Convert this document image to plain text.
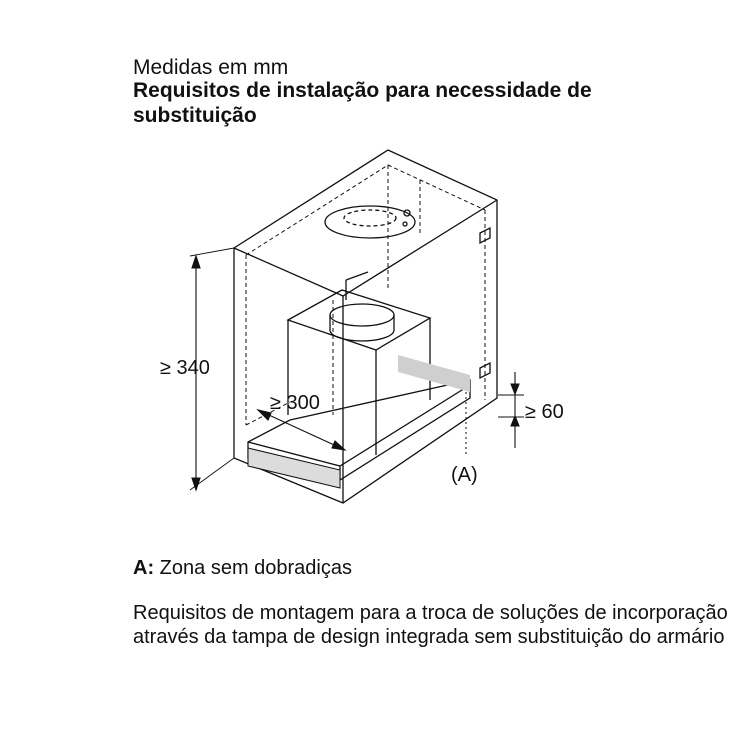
Medidas em mm
Requisitos de instalação para necessidade de substituição
≥ 340
≥ 300	≥ 60
(A)
A: Zona sem dobradiças
Requisitos de montagem para a troca de soluções de incorporação através da tampa de design integrada sem substituição do armário
